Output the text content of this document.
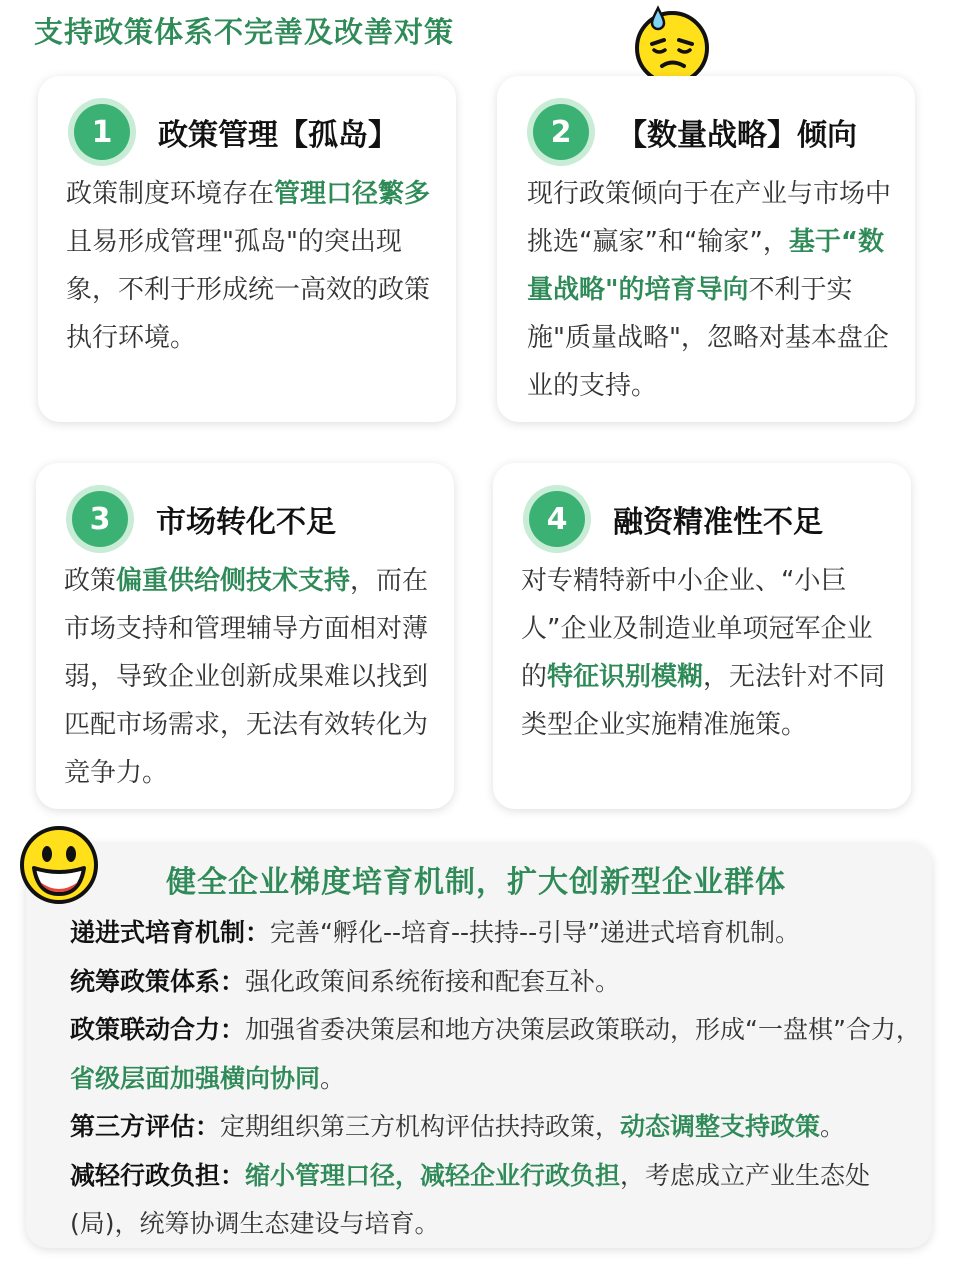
支持政策体系不完善及改善对策
1	政策管理【孤岛】
政策制度环境存在管理口径繁多且易形成管理"孤岛"的突出现象，不利于形成统一高效的政策执行环境。
2	【数量战略】倾向
现行政策倾向于在产业与市场中挑选“赢家”和“输家”，基于“数量战略"的培育导向不利于实施"质量战略"，忽略对基本盘企业的支持。
3	市场转化不足
政策偏重供给侧技术支持，而在市场支持和管理辅导方面相对薄弱，导致企业创新成果难以找到匹配市场需求，无法有效转化为竞争力。
4	融资精准性不足
对专精特新中小企业、“小巨人”企业及制造业单项冠军企业的特征识别模糊，无法针对不同类型企业实施精准施策。
健全企业梯度培育机制，扩大创新型企业群体

递进式培育机制：完善“孵化--培育--扶持--引导”递进式培育机制。

统筹政策体系：强化政策间系统衔接和配套互补。

政策联动合力：加强省委决策层和地方决策层政策联动，形成“一盘棋”合力，省级层面加强横向协同。

第三方评估：定期组织第三方机构评估扶持政策，动态调整支持政策。

减轻行政负担：缩小管理口径，减轻企业行政负担，考虑成立产业生态处(局)，统筹协调生态建设与培育。
